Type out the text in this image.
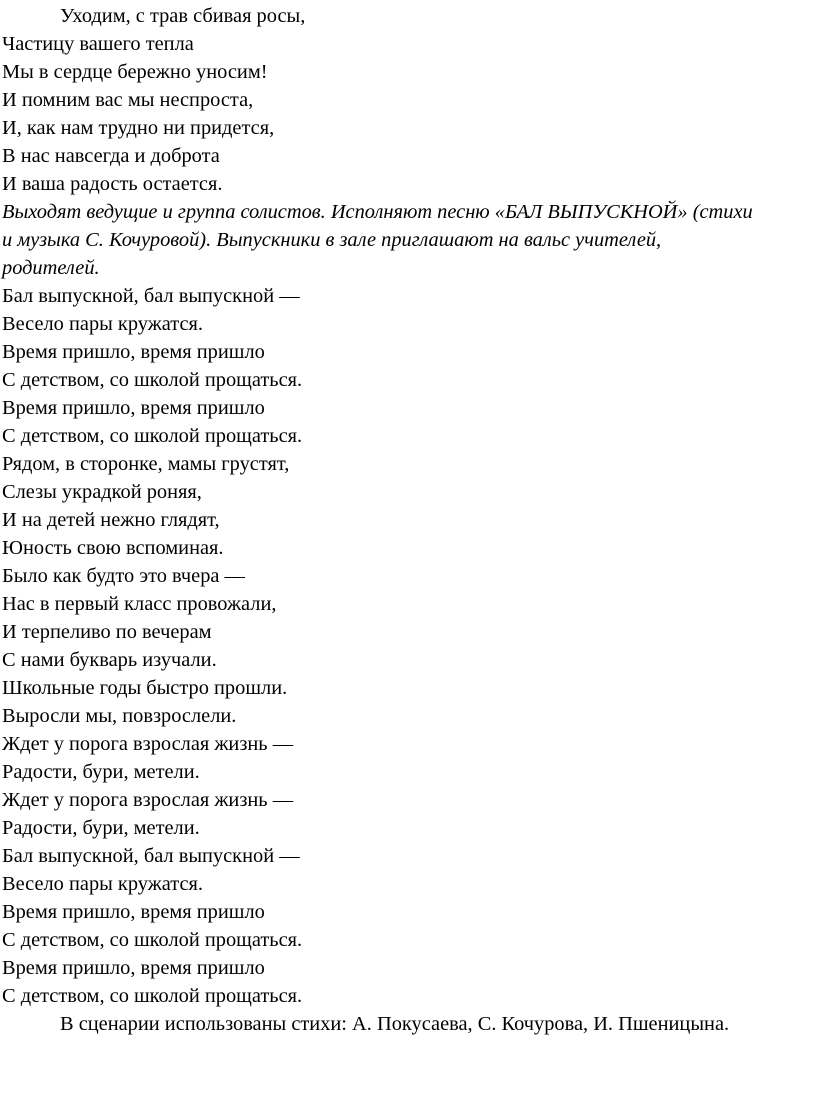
Уходим, с трав сбивая росы,
Частицу вашего тепла
Мы в сердце бережно уносим!
И помним вас мы неспроста,
И, как нам трудно ни придется,
В нас навсегда и доброта
И ваша радость остается.
Выходят ведущие и группа солистов. Исполняют песню «БАЛ ВЫПУСКНОЙ» (стихи и музыка С. Кочуровой). Выпускники в зале приглашают на вальс учителей, родителей.
Бал выпускной, бал выпускной —
Весело пары кружатся.
Время пришло, время пришло
С детством, со школой прощаться.
Время пришло, время пришло
С детством, со школой прощаться.
Рядом, в сторонке, мамы грустят,
Слезы украдкой роняя,
И на детей нежно глядят,
Юность свою вспоминая.
Было как будто это вчера —
Нас в первый класс провожали,
И терпеливо по вечерам
С нами букварь изучали.
Школьные годы быстро прошли.
Выросли мы, повзрослели.
Ждет у порога взрослая жизнь —
Радости, бури, метели.
Ждет у порога взрослая жизнь —
Радости, бури, метели.
Бал выпускной, бал выпускной —
Весело пары кружатся.
Время пришло, время пришло
С детством, со школой прощаться.
Время пришло, время пришло
С детством, со школой прощаться.
В сценарии использованы стихи: А. Покусаева, С. Кочурова, И. Пшеницына.
